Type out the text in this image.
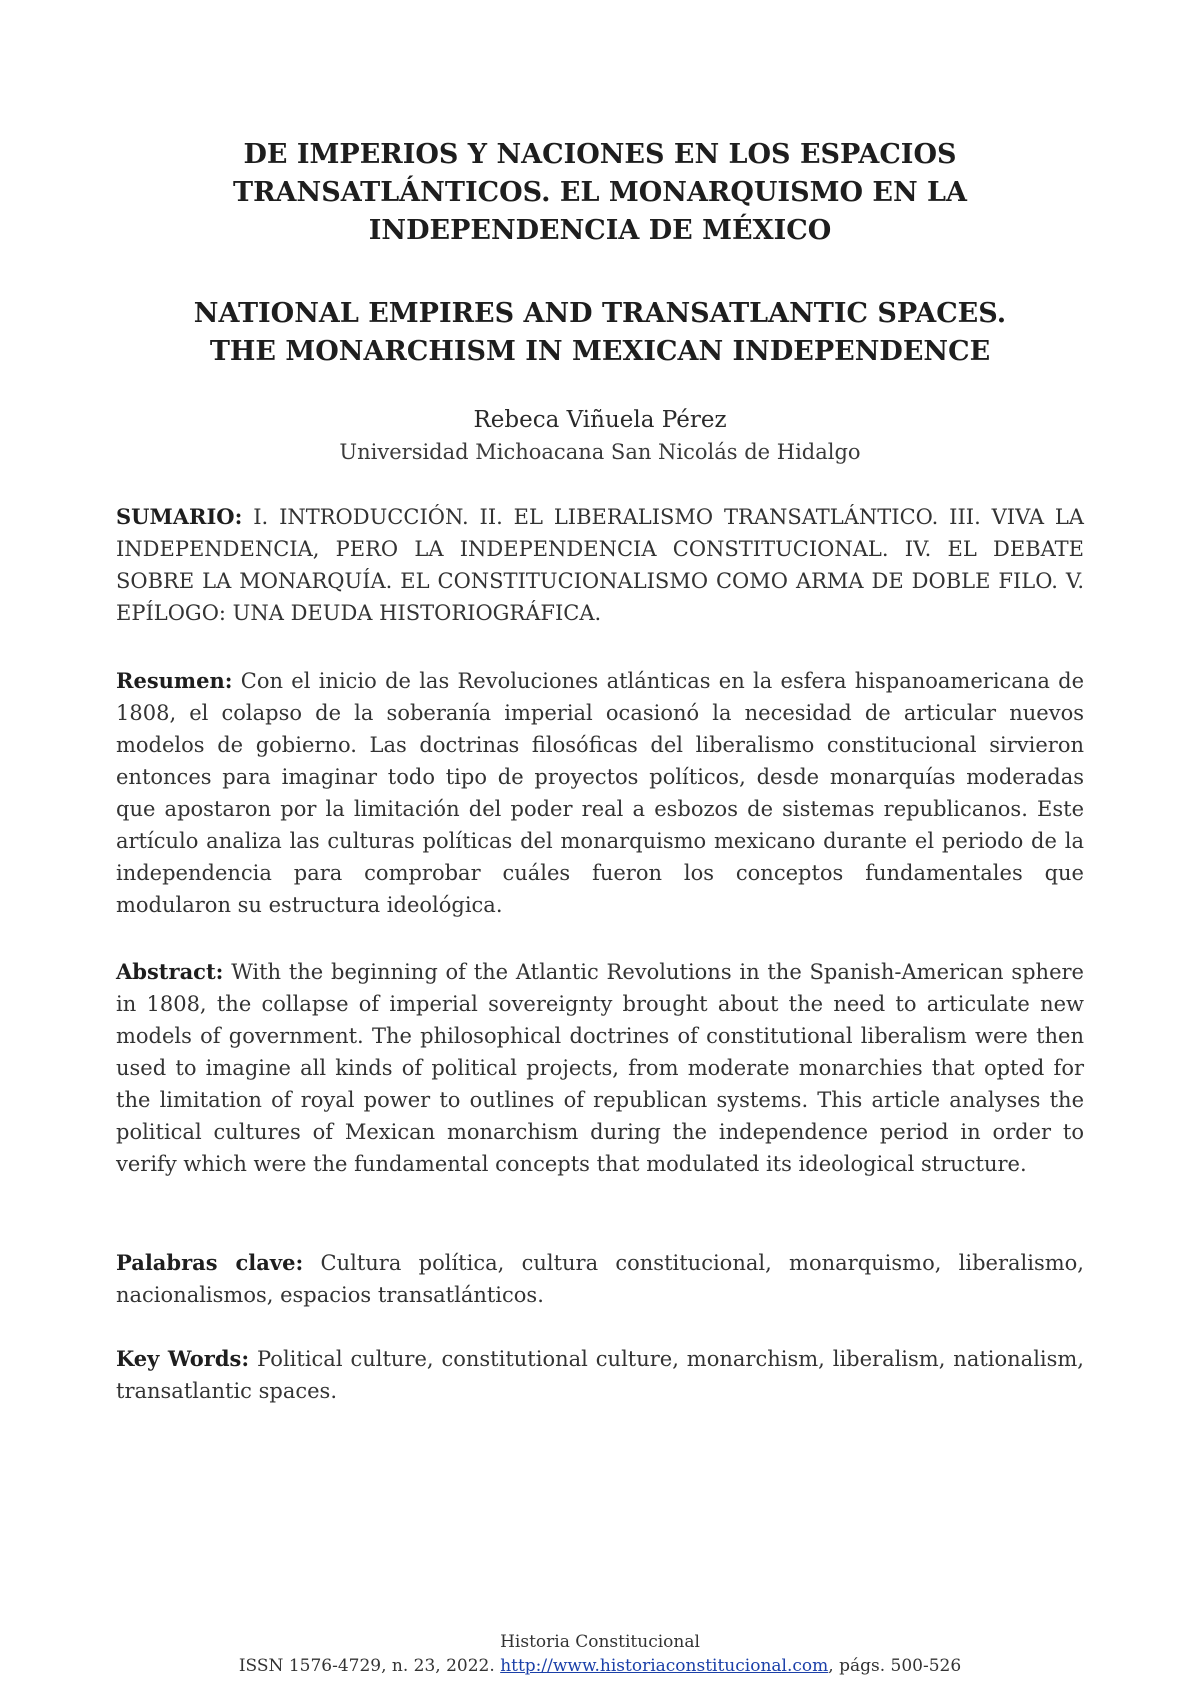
DE IMPERIOS Y NACIONES EN LOS ESPACIOS
TRANSATLÁNTICOS. EL MONARQUISMO EN LA
INDEPENDENCIA DE MÉXICO
NATIONAL EMPIRES AND TRANSATLANTIC SPACES.
THE MONARCHISM IN MEXICAN INDEPENDENCE
Rebeca Viñuela Pérez
Universidad Michoacana San Nicolás de Hidalgo
SUMARIO: I. INTRODUCCIÓN. II. EL LIBERALISMO TRANSATLÁNTICO. III. VIVA LA INDEPENDENCIA, PERO LA INDEPENDENCIA CONSTITUCIONAL. IV. EL DEBATE SOBRE LA MONARQUÍA. EL CONSTITUCIONALISMO COMO ARMA DE DOBLE FILO. V. EPÍLOGO: UNA DEUDA HISTORIOGRÁFICA.
Resumen: Con el inicio de las Revoluciones atlánticas en la esfera hispanoamericana de 1808, el colapso de la soberanía imperial ocasionó la necesidad de articular nuevos modelos de gobierno. Las doctrinas filosóficas del liberalismo constitucional sirvieron entonces para imaginar todo tipo de proyectos políticos, desde monarquías moderadas que apostaron por la limitación del poder real a esbozos de sistemas republicanos. Este artículo analiza las culturas políticas del monarquismo mexicano durante el periodo de la independencia para comprobar cuáles fueron los conceptos fundamentales que modularon su estructura ideológica.
Abstract: With the beginning of the Atlantic Revolutions in the Spanish-American sphere in 1808, the collapse of imperial sovereignty brought about the need to articulate new models of government. The philosophical doctrines of constitutional liberalism were then used to imagine all kinds of political projects, from moderate monarchies that opted for the limitation of royal power to outlines of republican systems. This article analyses the political cultures of Mexican monarchism during the independence period in order to verify which were the fundamental concepts that modulated its ideological structure.
Palabras clave: Cultura política, cultura constitucional, monarquismo, liberalismo, nacionalismos, espacios transatlánticos.
Key Words: Political culture, constitutional culture, monarchism, liberalism, nationalism, transatlantic spaces.
Historia Constitucional
ISSN 1576-4729, n. 23, 2022. http://www.historiaconstitucional.com, págs. 500-526
